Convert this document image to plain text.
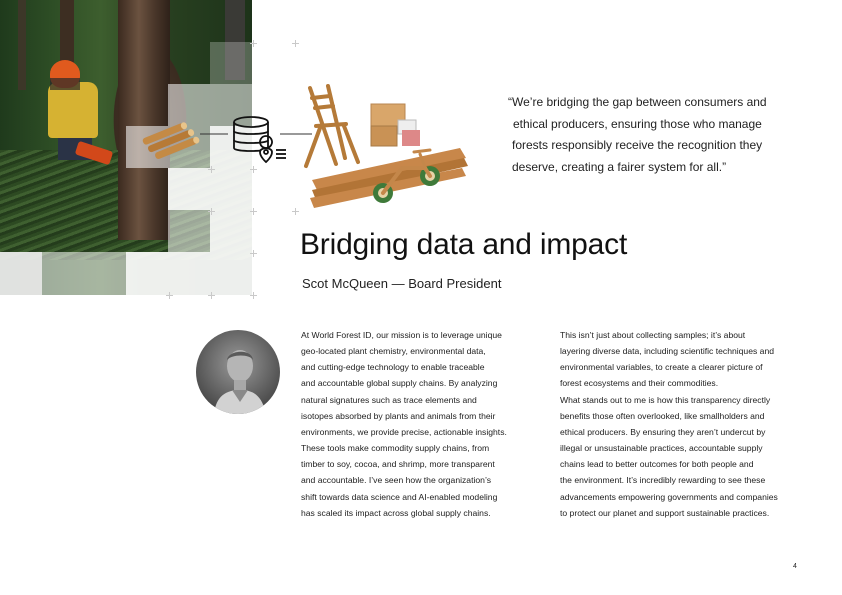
“We’re bridging the gap between consumers and
ethical producers, ensuring those who manage
forests responsibly receive the recognition they
deserve, creating a fairer system for all.”
Bridging data and impact
Scot McQueen — Board President
At World Forest ID, our mission is to leverage unique
geo-located plant chemistry, environmental data,
and cutting-edge technology to enable traceable
and accountable global supply chains. By analyzing
natural signatures such as trace elements and
isotopes absorbed by plants and animals from their
environments, we provide precise, actionable insights.
These tools make commodity supply chains, from
timber to soy, cocoa, and shrimp, more transparent
and accountable. I’ve seen how the organization’s
shift towards data science and AI-enabled modeling
has scaled its impact across global supply chains.
This isn’t just about collecting samples; it’s about
layering diverse data, including scientific techniques and
environmental variables, to create a clearer picture of
forest ecosystems and their commodities.
What stands out to me is how this transparency directly
benefits those often overlooked, like smallholders and
ethical producers. By ensuring they aren’t undercut by
illegal or unsustainable practices, accountable supply
chains lead to better outcomes for both people and
the environment. It’s incredibly rewarding to see these
advancements empowering governments and companies
to protect our planet and support sustainable practices.
4
